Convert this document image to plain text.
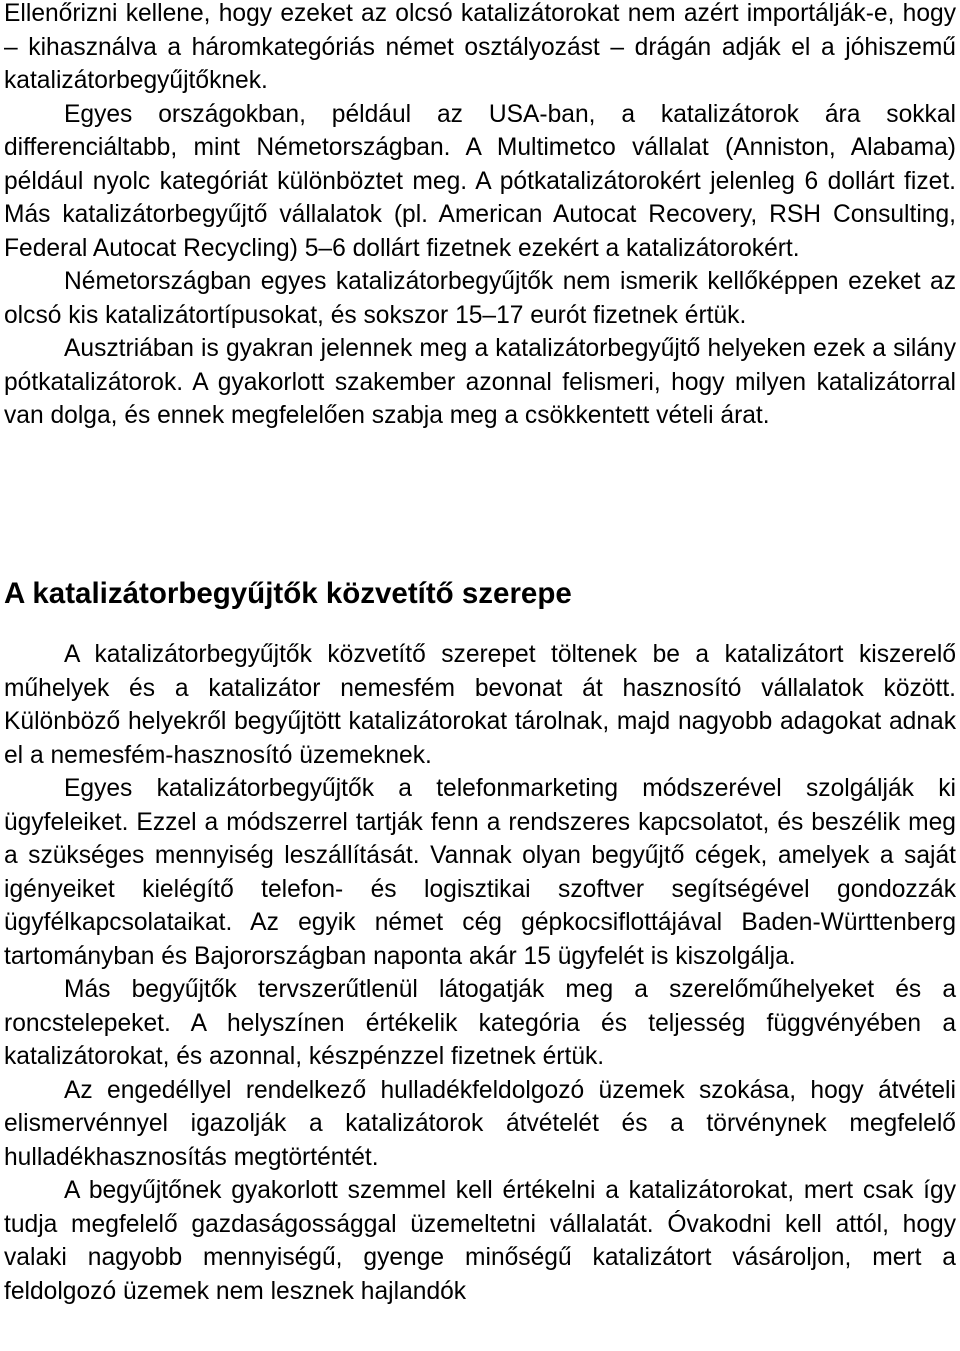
Ellenőrizni kellene, hogy ezeket az olcsó katalizátorokat nem azért importálják-e, hogy – kihasználva a háromkategóriás német osztályozást – drágán adják el a jóhiszemű katalizátorbegyűjtőknek.

Egyes országokban, például az USA-ban, a katalizátorok ára sokkal differenciáltabb, mint Németországban. A Multimetco vállalat (Anniston, Alabama) például nyolc kategóriát különböztet meg. A pótkatalizátorokért jelenleg 6 dollárt fizet. Más katalizátorbegyűjtő vállalatok (pl. American Autocat Recovery, RSH Consulting, Federal Autocat Recycling) 5–6 dollárt fizetnek ezekért a katalizátorokért.

Németországban egyes katalizátorbegyűjtők nem ismerik kellőképpen ezeket az olcsó kis katalizátortípusokat, és sokszor 15–17 eurót fizetnek értük.

Ausztriában is gyakran jelennek meg a katalizátorbegyűjtő helyeken ezek a silány pótkatalizátorok. A gyakorlott szakember azonnal felismeri, hogy milyen katalizátorral van dolga, és ennek megfelelően szabja meg a csökkentett vételi árat.

A katalizátorbegyűjtők közvetítő szerepe

A katalizátorbegyűjtők közvetítő szerepet töltenek be a katalizátort kiszerelő műhelyek és a katalizátor nemesfém bevonat át hasznosító vállalatok között. Különböző helyekről begyűjtött katalizátorokat tárolnak, majd nagyobb adagokat adnak el a nemesfém-hasznosító üzemeknek.

Egyes katalizátorbegyűjtők a telefonmarketing módszerével szolgálják ki ügyfeleiket. Ezzel a módszerrel tartják fenn a rendszeres kapcsolatot, és beszélik meg a szükséges mennyiség leszállítását. Vannak olyan begyűjtő cégek, amelyek a saját igényeiket kielégítő telefon- és logisztikai szoftver segítségével gondozzák ügyfélkapcsolataikat. Az egyik német cég gépkocsiflottájával Baden-Württenberg tartományban és Bajorországban naponta akár 15 ügyfelét is kiszolgálja.

Más begyűjtők tervszerűtlenül látogatják meg a szerelőműhelyeket és a roncstelepeket. A helyszínen értékelik kategória és teljesség függvényében a katalizátorokat, és azonnal, készpénzzel fizetnek értük.

Az engedéllyel rendelkező hulladékfeldolgozó üzemek szokása, hogy átvételi elismervénnyel igazolják a katalizátorok átvételét és a törvénynek megfelelő hulladékhasznosítás megtörténtét.

A begyűjtőnek gyakorlott szemmel kell értékelni a katalizátorokat, mert csak így tudja megfelelő gazdaságossággal üzemeltetni vállalatát. Óvakodni kell attól, hogy valaki nagyobb mennyiségű, gyenge minőségű katalizátort vásároljon, mert a feldolgozó üzemek nem lesznek hajlandók
